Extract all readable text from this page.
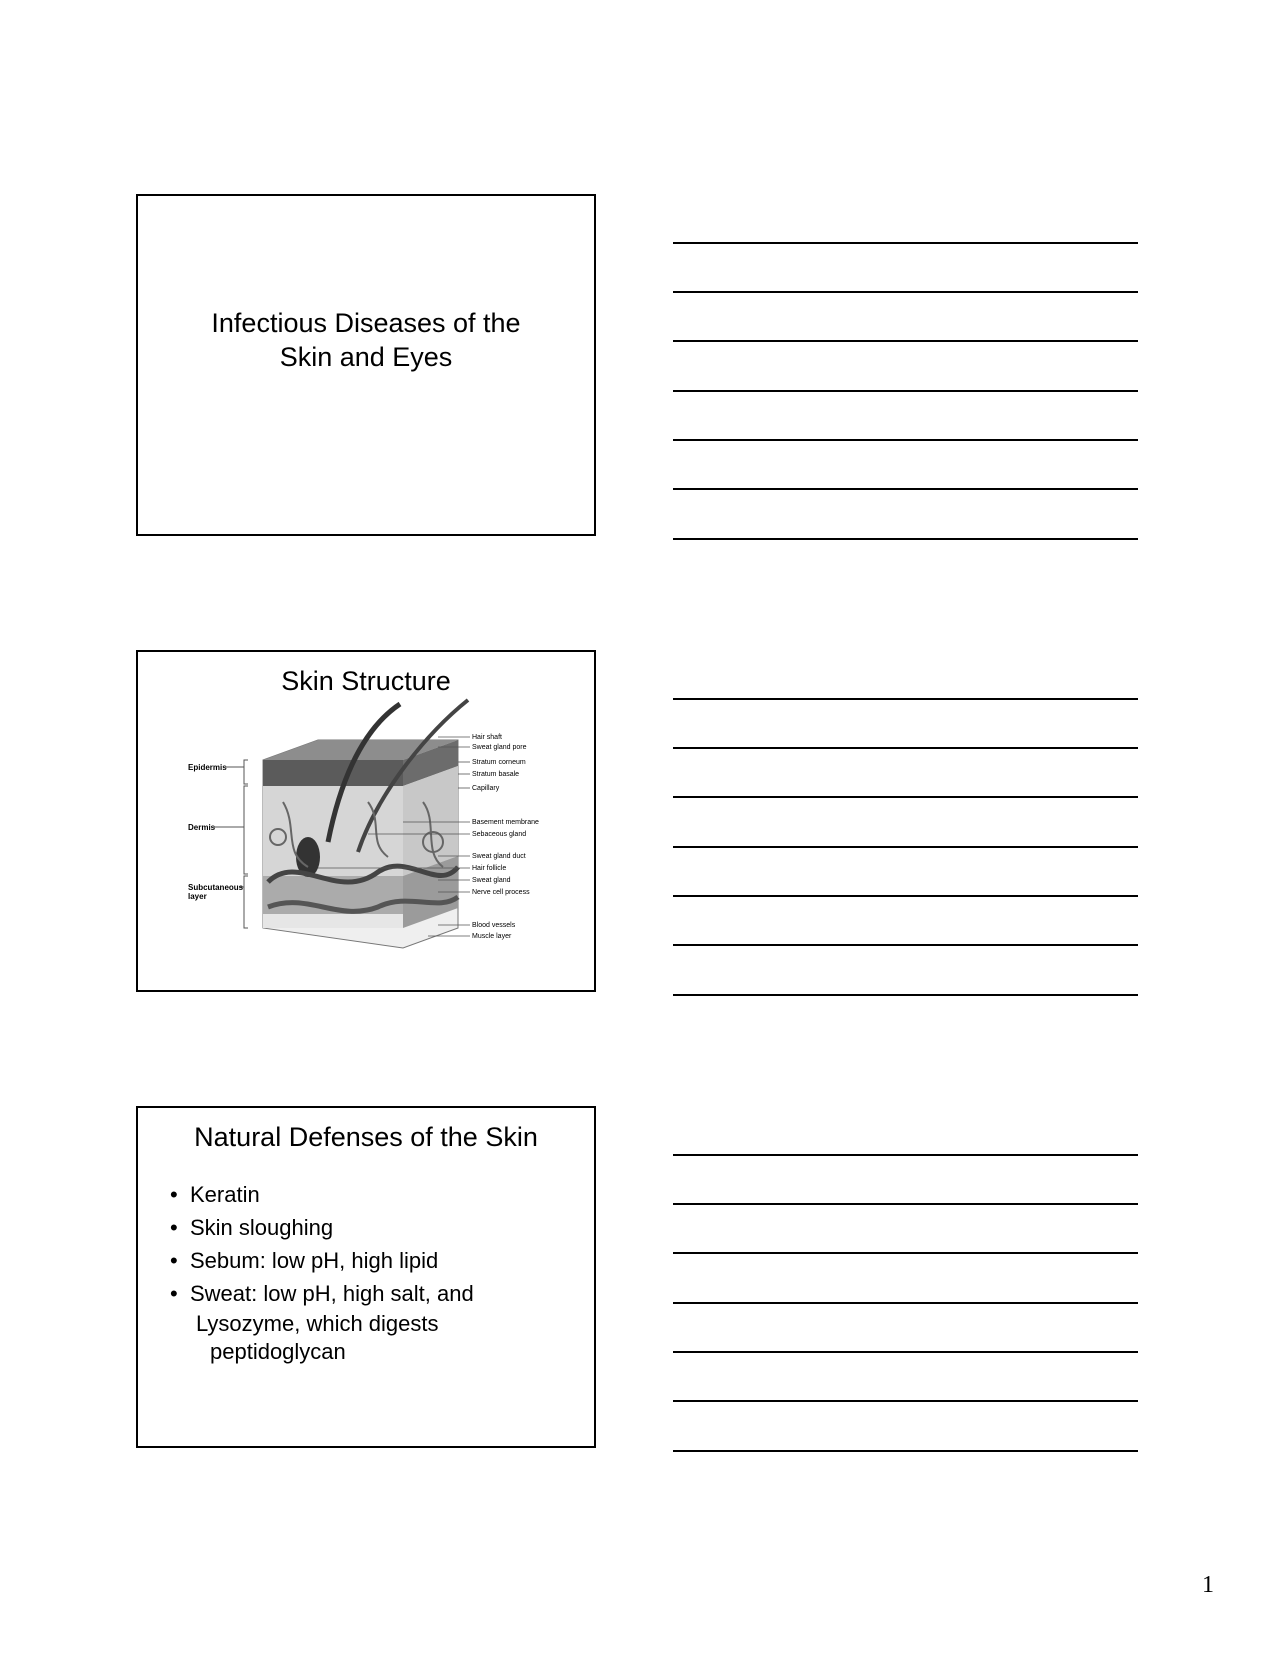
Infectious Diseases of the
Skin and Eyes
Skin Structure
Epidermis
Dermis
Subcutaneous
layer
Hair shaft
Sweat gland pore
Stratum corneum
Stratum basale
Capillary
Basement membrane
Sebaceous gland
Sweat gland duct
Hair follicle
Sweat gland
Nerve cell process
Blood vessels
Muscle layer
Natural Defenses of the Skin
• Keratin
• Skin sloughing
• Sebum: low pH, high lipid
• Sweat: low pH, high salt, and
Lysozyme, which digests
peptidoglycan
1
